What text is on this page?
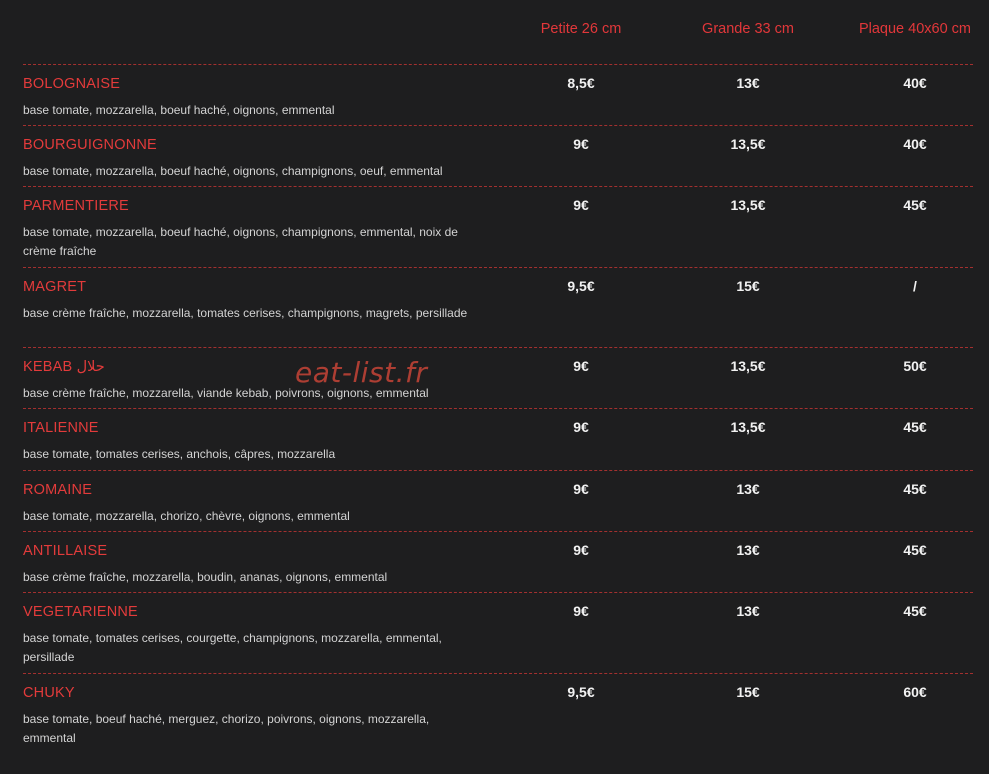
Petite 26 cm	Grande 33 cm	Plaque 40x60 cm
BOLOGNAISE
base tomate, mozzarella, boeuf haché, oignons, emmental
8,5€	13€	40€
BOURGUIGNONNE
base tomate, mozzarella, boeuf haché, oignons, champignons, oeuf, emmental
9€	13,5€	40€
PARMENTIERE
base tomate, mozzarella, boeuf haché, oignons, champignons, emmental, noix de crème fraîche
9€	13,5€	45€
MAGRET
base crème fraîche, mozzarella, tomates cerises, champignons, magrets, persillade
9,5€	15€	/
KEBAB حلال
base crème fraîche, mozzarella, viande kebab, poivrons, oignons, emmental
9€	13,5€	50€
ITALIENNE
base tomate, tomates cerises, anchois, câpres, mozzarella
9€	13,5€	45€
ROMAINE
base tomate, mozzarella, chorizo, chèvre, oignons, emmental
9€	13€	45€
ANTILLAISE
base crème fraîche, mozzarella, boudin, ananas, oignons, emmental
9€	13€	45€
VEGETARIENNE
base tomate, tomates cerises, courgette, champignons, mozzarella, emmental, persillade
9€	13€	45€
CHUKY
base tomate, boeuf haché, merguez, chorizo, poivrons, oignons, mozzarella, emmental
9,5€	15€	60€
eat-list.fr
